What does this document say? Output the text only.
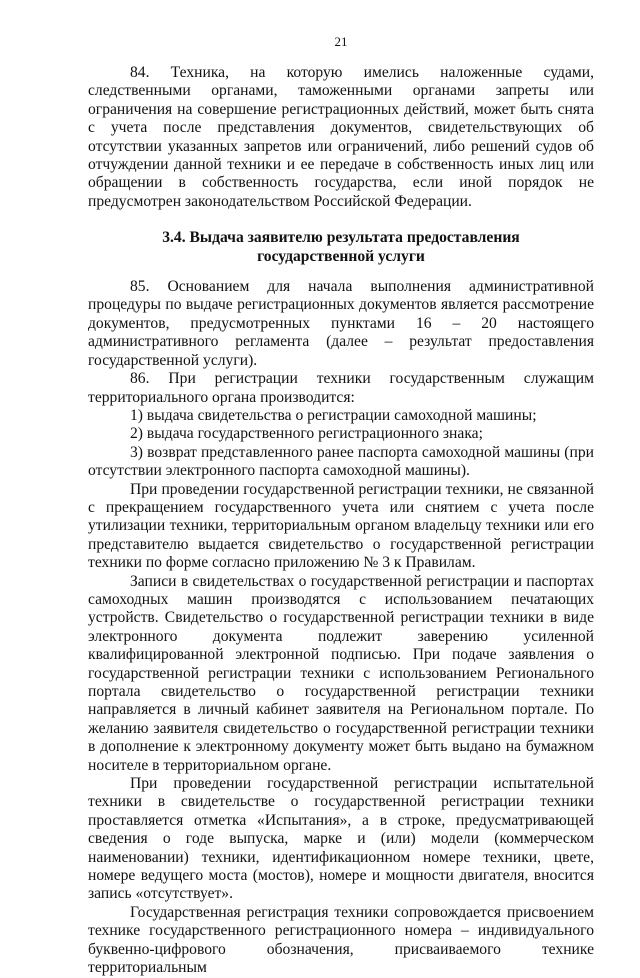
21

84. Техника, на которую имелись наложенные судами, следственными органами, таможенными органами запреты или ограничения на совершение регистрационных действий, может быть снята с учета после представления документов, свидетельствующих об отсутствии указанных запретов или ограничений, либо решений судов об отчуждении данной техники и ее передаче в собственность иных лиц или обращении в собственность государства, если иной порядок не предусмотрен законодательством Российской Федерации.

3.4. Выдача заявителю результата предоставления
государственной услуги

85. Основанием для начала выполнения административной процедуры по выдаче регистрационных документов является рассмотрение документов, предусмотренных пунктами 16 – 20 настоящего административного регламента (далее – результат предоставления государственной услуги).

86. При регистрации техники государственным служащим территориального органа производится:

1) выдача свидетельства о регистрации самоходной машины;

2) выдача государственного регистрационного знака;

3) возврат представленного ранее паспорта самоходной машины (при отсутствии электронного паспорта самоходной машины).

При проведении государственной регистрации техники, не связанной с прекращением государственного учета или снятием с учета после утилизации техники, территориальным органом владельцу техники или его представителю выдается свидетельство о государственной регистрации техники по форме согласно приложению № 3 к Правилам.

Записи в свидетельствах о государственной регистрации и паспортах самоходных машин производятся с использованием печатающих устройств. Свидетельство о государственной регистрации техники в виде электронного документа подлежит заверению усиленной квалифицированной электронной подписью. При подаче заявления о государственной регистрации техники с использованием Регионального портала свидетельство о государственной регистрации техники направляется в личный кабинет заявителя на Региональном портале. По желанию заявителя свидетельство о государственной регистрации техники в дополнение к электронному документу может быть выдано на бумажном носителе в территориальном органе.

При проведении государственной регистрации испытательной техники в свидетельстве о государственной регистрации техники проставляется отметка «Испытания», а в строке, предусматривающей сведения о годе выпуска, марке и (или) модели (коммерческом наименовании) техники, идентификационном номере техники, цвете, номере ведущего моста (мостов), номере и мощности двигателя, вносится запись «отсутствует».

Государственная регистрация техники сопровождается присвоением технике государственного регистрационного номера – индивидуального буквенно-цифрового обозначения, присваиваемого технике территориальным
